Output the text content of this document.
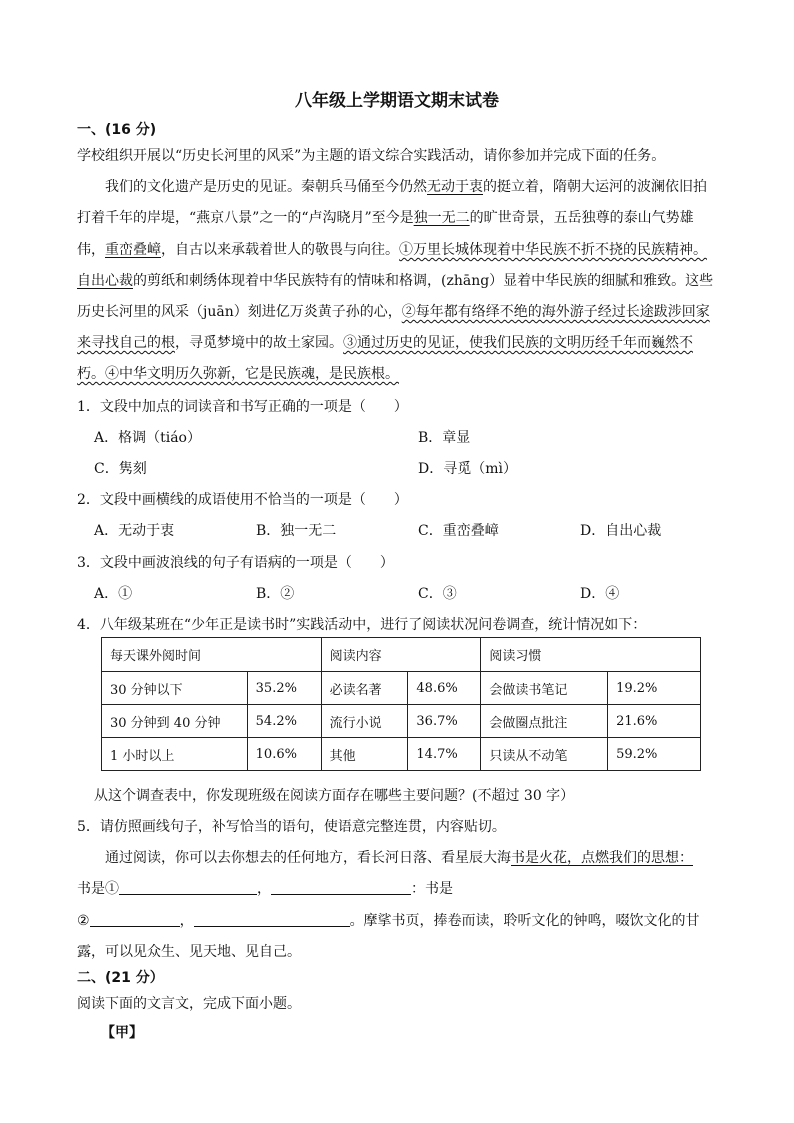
八年级上学期语文期末试卷
一、(16 分)
学校组织开展以“历史长河里的风采”为主题的语文综合实践活动，请你参加并完成下面的任务。
我们的文化遗产是历史的见证。秦朝兵马俑至今仍然无动于衷的挺立着，隋朝大运河的波澜依旧拍
打着千年的岸堤，“燕京八景”之一的“卢沟晓月”至今是独一无二的旷世奇景，五岳独尊的泰山气势雄
伟，重峦叠嶂，自古以来承载着世人的敬畏与向往。①万里长城体现着中华民族不折不挠的民族精神。
自出心裁的剪纸和刺绣体现着中华民族特有的情味和格调，(zhāng）显着中华民族的细腻和雅致。这些
历史长河里的风采（juān）刻进亿万炎黄子孙的心，②每年都有络绎不绝的海外游子经过长途跋涉回家
来寻找自己的根，寻觅梦境中的故土家园。③通过历史的见证，使我们民族的文明历经千年而巍然不
朽。④中华文明历久弥新，它是民族魂，是民族根。
1．文段中加点的词读音和书写正确的一项是（　　）
A．格调（tiáo）	B．章显
C．隽刻	D．寻觅（mì）
2．文段中画横线的成语使用不恰当的一项是（　　）
A．无动于衷	B．独一无二	C．重峦叠嶂	D．自出心裁
3．文段中画波浪线的句子有语病的一项是（　　）
A．①	B．②	C．③	D．④
4．八年级某班在“少年正是读书时”实践活动中，进行了阅读状况问卷调查，统计情况如下：
每天课外阅时间		阅读内容		阅读习惯	
30 分钟以下	35.2%	必读名著	48.6%	会做读书笔记	19.2%
30 分钟到 40 分钟	54.2%	流行小说	36.7%	会做圈点批注	21.6%
1 小时以上	10.6%	其他	14.7%	只读从不动笔	59.2%
从这个调查表中，你发现班级在阅读方面存在哪些主要问题？(不超过 30 字）
5．请仿照画线句子，补写恰当的语句，使语意完整连贯，内容贴切。
通过阅读，你可以去你想去的任何地方，看长河日落、看星辰大海书是火花，点燃我们的思想：
书是①	，	：书是
②	，	。摩挲书页，捧卷而读，聆听文化的钟鸣，啜饮文化的甘
露，可以见众生、见天地、见自己。
二、(21 分）
阅读下面的文言文，完成下面小题。
【甲】
